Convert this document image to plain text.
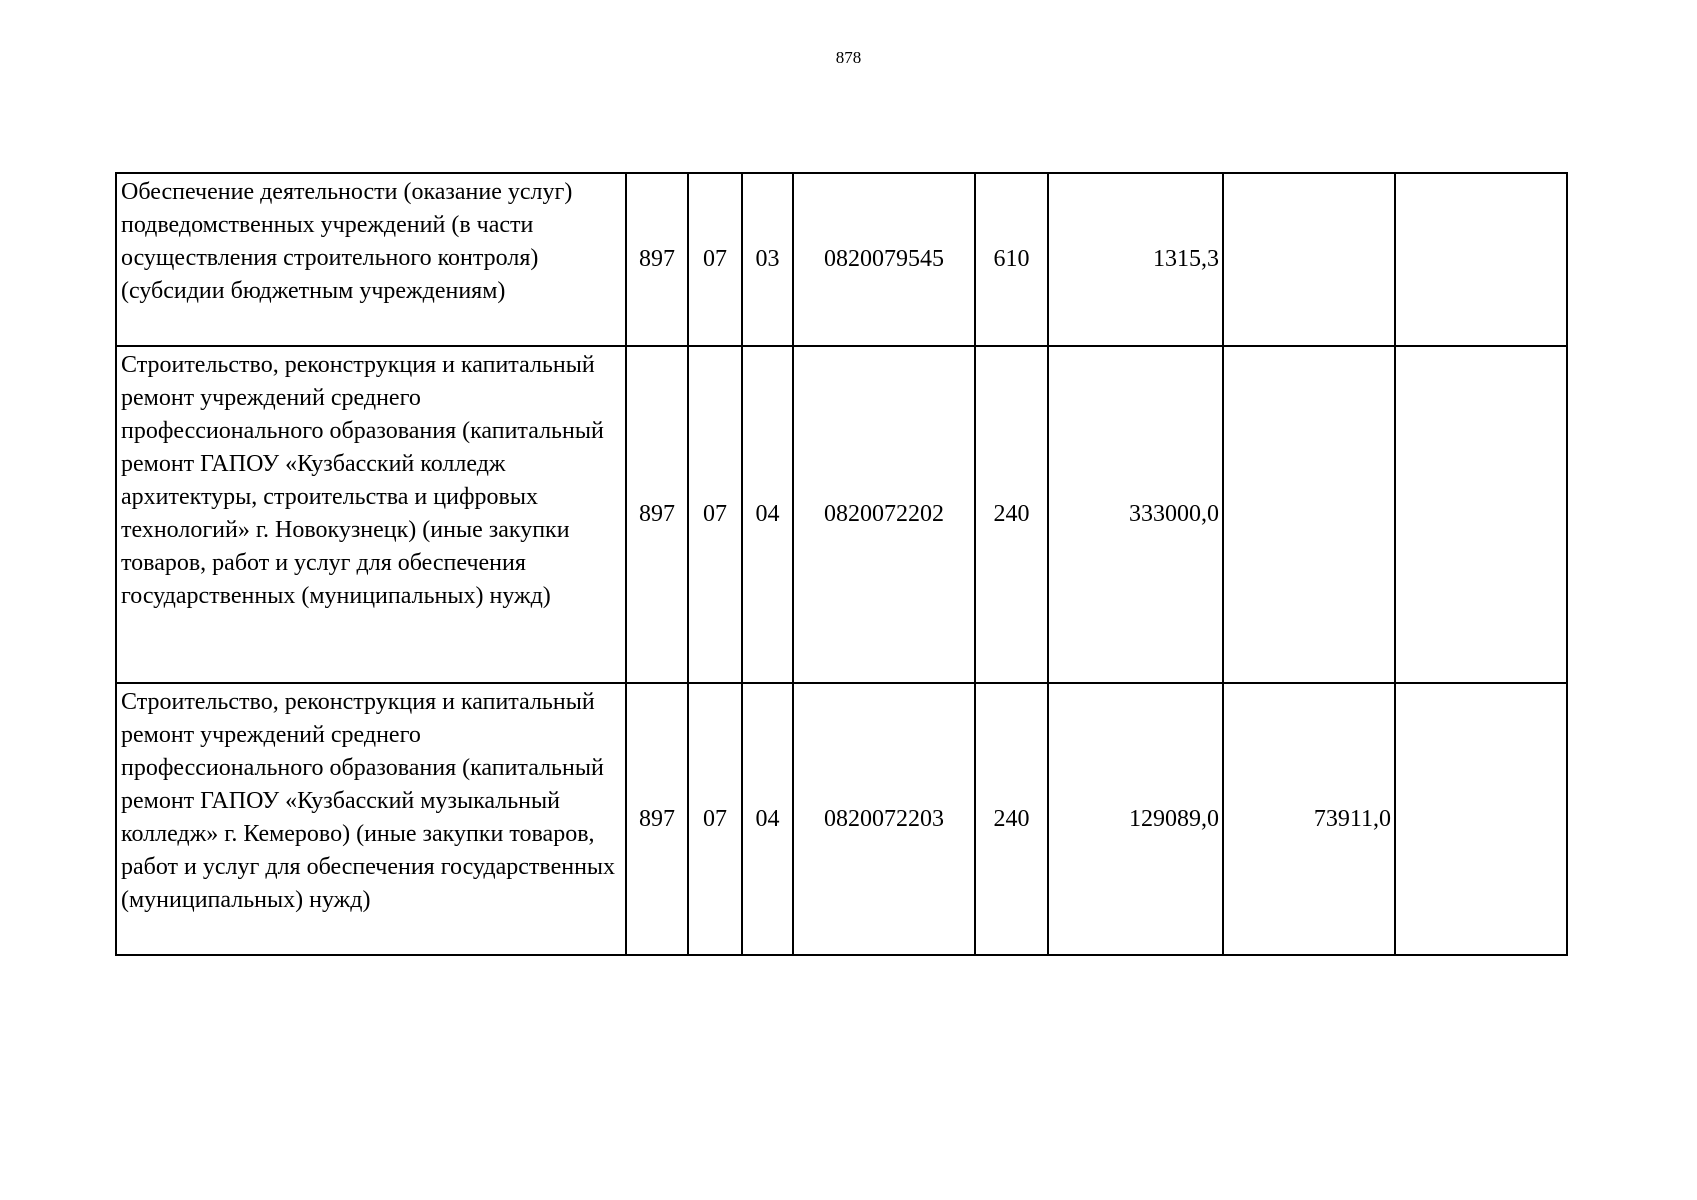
878
Обеспечение деятельности (оказание услуг) подведомственных учреждений (в части осуществления строительного контроля) (субсидии бюджетным учреждениям)	897	07	03	0820079545	610	1315,3		
Строительство, реконструкция и капитальный ремонт учреждений среднего профессионального образования (капитальный ремонт ГАПОУ «Кузбасский колледж архитектуры, строительства и цифровых технологий» г. Новокузнецк) (иные закупки товаров, работ и услуг для обеспечения государственных (муниципальных) нужд)	897	07	04	0820072202	240	333000,0		
Строительство, реконструкция и капитальный ремонт учреждений среднего профессионального образования (капитальный ремонт ГАПОУ «Кузбасский музыкальный колледж» г. Кемерово) (иные закупки товаров, работ и услуг для обеспечения государственных (муниципальных) нужд)	897	07	04	0820072203	240	129089,0	73911,0	
